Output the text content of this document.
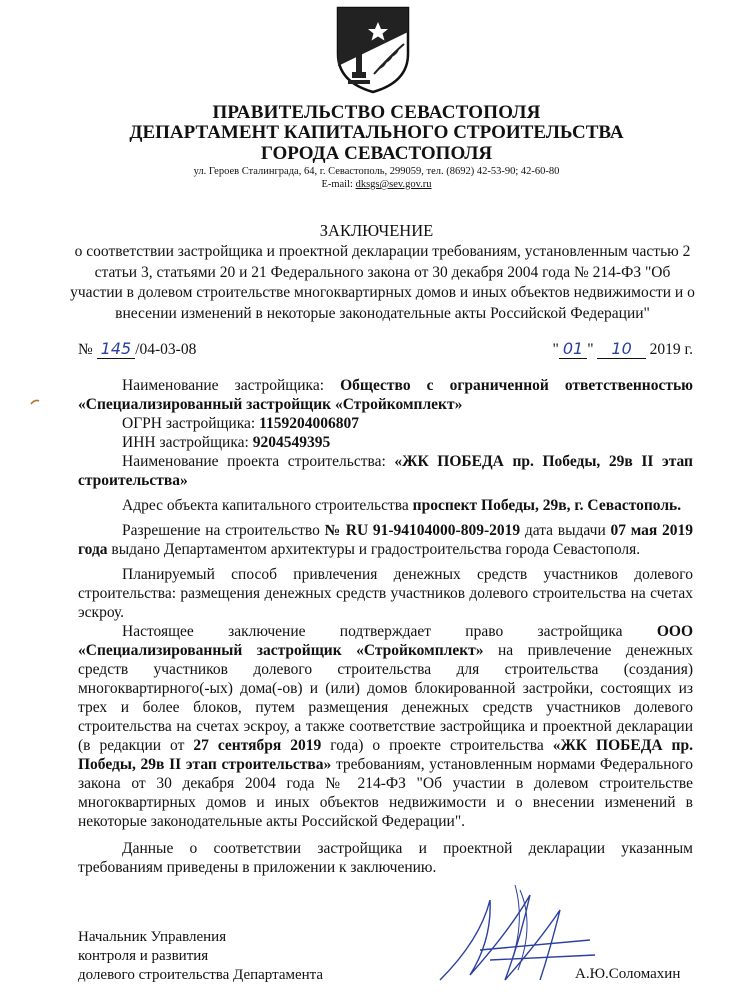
ПРАВИТЕЛЬСТВО СЕВАСТОПОЛЯ
ДЕПАРТАМЕНТ КАПИТАЛЬНОГО СТРОИТЕЛЬСТВА
ГОРОДА СЕВАСТОПОЛЯ
ул. Героев Сталинграда, 64, г. Севастополь, 299059, тел. (8692) 42-53-90; 42-60-80
E-mail: dksgs@sev.gov.ru
ЗАКЛЮЧЕНИЕ
о соответствии застройщика и проектной декларации требованиям, установленным частью 2 статьи 3, статьями 20 и 21 Федерального закона от 30 декабря 2004 года № 214-ФЗ "Об участии в долевом строительстве многоквартирных домов и иных объектов недвижимости и о внесении изменений в некоторые законодательные акты Российской Федерации"
№ 145 /04-03-08	" 01 " 10 2019 г.

Наименование застройщика: Общество с ограниченной ответственностью «Специализированный застройщик «Стройкомплект»

ОГРН застройщика: 1159204006807

ИНН застройщика: 9204549395

Наименование проекта строительства: «ЖК ПОБЕДА пр. Победы, 29в II этап строительства»

Адрес объекта капитального строительства проспект Победы, 29в, г. Севастополь.

Разрешение на строительство № RU 91-94104000-809-2019 дата выдачи 07 мая 2019 года выдано Департаментом архитектуры и градостроительства города Севастополя.

Планируемый способ привлечения денежных средств участников долевого строительства: размещения денежных средств участников долевого строительства на счетах эскроу.

Настоящее заключение подтверждает право застройщика ООО «Специализированный застройщик «Стройкомплект» на привлечение денежных средств участников долевого строительства для строительства (создания) многоквартирного(-ых) дома(-ов) и (или) домов блокированной застройки, состоящих из трех и более блоков, путем размещения денежных средств участников долевого строительства на счетах эскроу, а также соответствие застройщика и проектной декларации (в редакции от 27 сентября 2019 года) о проекте строительства «ЖК ПОБЕДА пр. Победы, 29в II этап строительства» требованиям, установленным нормами Федерального закона от 30 декабря 2004 года № 214-ФЗ "Об участии в долевом строительстве многоквартирных домов и иных объектов недвижимости и о внесении изменений в некоторые законодательные акты Российской Федерации".

Данные о соответствии застройщика и проектной декларации указанным требованиям приведены в приложении к заключению.

Начальник Управления
контроля и развития
долевого строительства Департамента	А.Ю.Соломахин
